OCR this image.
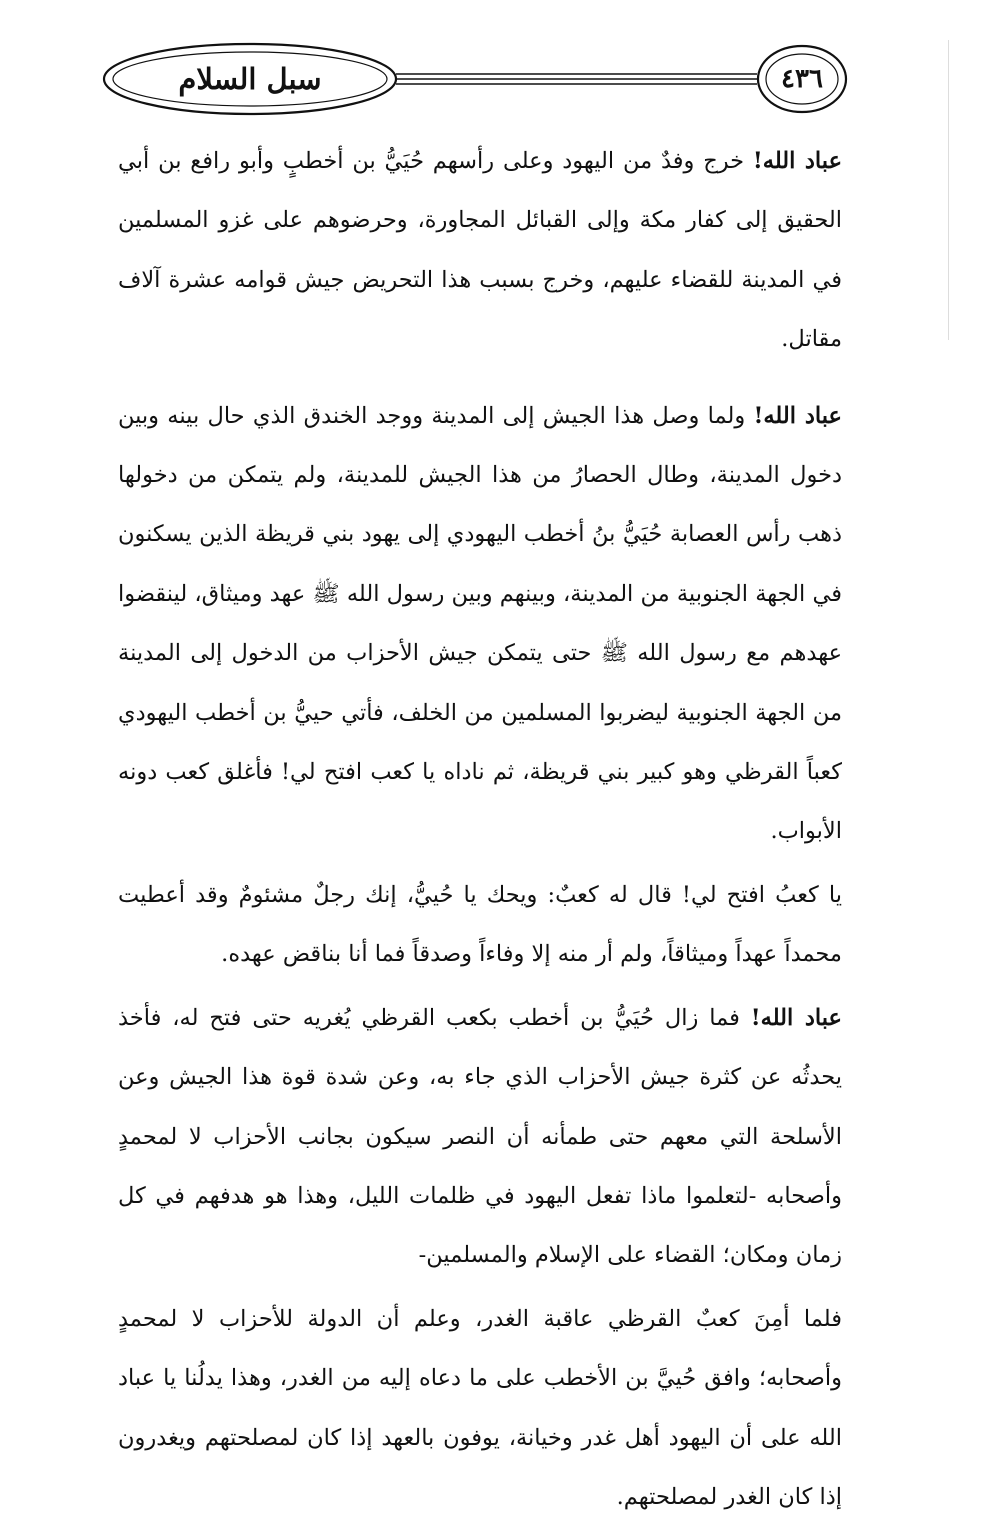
سبل السلام	٤٣٦

عباد الله! خرج وفدٌ من اليهود وعلى رأسهم حُيَيُّ بن أخطبٍ وأبو رافع بن أبي الحقيق إلى كفار مكة وإلى القبائل المجاورة، وحرضوهم على غزو المسلمين في المدينة للقضاء عليهم، وخرج بسبب هذا التحريض جيش قوامه عشرة آلاف مقاتل.

عباد الله! ولما وصل هذا الجيش إلى المدينة ووجد الخندق الذي حال بينه وبين دخول المدينة، وطال الحصارُ من هذا الجيش للمدينة، ولم يتمكن من دخولها ذهب رأس العصابة حُيَيُّ بنُ أخطب اليهودي إلى يهود بني قريظة الذين يسكنون في الجهة الجنوبية من المدينة، وبينهم وبين رسول الله ﷺ عهد وميثاق، لينقضوا عهدهم مع رسول الله ﷺ حتى يتمكن جيش الأحزاب من الدخول إلى المدينة من الجهة الجنوبية ليضربوا المسلمين من الخلف، فأتي حييُّ بن أخطب اليهودي كعباً القرظي وهو كبير بني قريظة، ثم ناداه يا كعب افتح لي! فأغلق كعب دونه الأبواب.

يا كعبُ افتح لي! قال له كعبٌ: ويحك يا حُييُّ، إنك رجلٌ مشئومٌ وقد أعطيت محمداً عهداً وميثاقاً، ولم أر منه إلا وفاءاً وصدقاً فما أنا بناقض عهده.

عباد الله! فما زال حُيَيُّ بن أخطب بكعب القرظي يُغريه حتى فتح له، فأخذ يحدثُه عن كثرة جيش الأحزاب الذي جاء به، وعن شدة قوة هذا الجيش وعن الأسلحة التي معهم حتى طمأنه أن النصر سيكون بجانب الأحزاب لا لمحمدٍ وأصحابه -لتعلموا ماذا تفعل اليهود في ظلمات الليل، وهذا هو هدفهم في كل زمان ومكان؛ القضاء على الإسلام والمسلمين-

فلما أمِنَ كعبٌ القرظي عاقبة الغدر، وعلم أن الدولة للأحزاب لا لمحمدٍ وأصحابه؛ وافق حُييَّ بن الأخطب على ما دعاه إليه من الغدر، وهذا يدلُنا يا عباد الله على أن اليهود أهل غدر وخيانة، يوفون بالعهد إذا كان لمصلحتهم ويغدرون إذا كان الغدر لمصلحتهم.
